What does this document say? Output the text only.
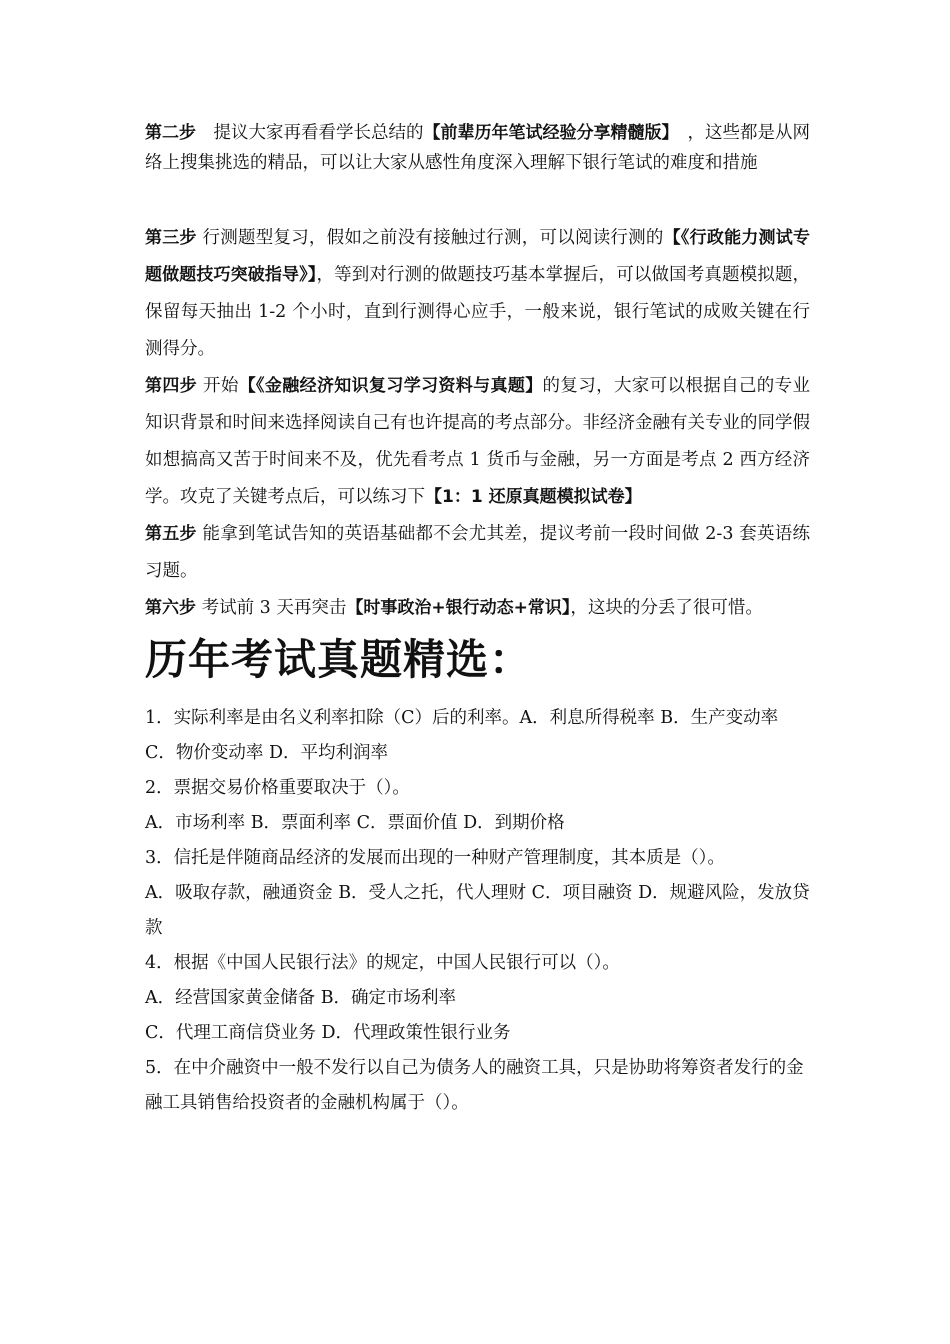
第二步　提议大家再看看学长总结的【前辈历年笔试经验分享精髓版】　，这些都是从网络上搜集挑选的精品，可以让大家从感性角度深入理解下银行笔试的难度和措施

第三步 行测题型复习，假如之前没有接触过行测，可以阅读行测的【《行政能力测试专题做题技巧突破指导》】，等到对行测的做题技巧基本掌握后，可以做国考真题模拟题，保留每天抽出 1-2 个小时，直到行测得心应手，一般来说，银行笔试的成败关键在行测得分。

第四步 开始【《金融经济知识复习学习资料与真题】的复习，大家可以根据自己的专业知识背景和时间来选择阅读自己有也许提高的考点部分。非经济金融有关专业的同学假如想搞高又苦于时间来不及，优先看考点 1 货币与金融，另一方面是考点 2 西方经济学。攻克了关键考点后，可以练习下【1：1 还原真题模拟试卷】

第五步 能拿到笔试告知的英语基础都不会尤其差，提议考前一段时间做 2-3 套英语练习题。

第六步 考试前 3 天再突击【时事政治+银行动态+常识】，这块的分丢了很可惜。

历年考试真题精选：

1．实际利率是由名义利率扣除（C）后的利率。A．利息所得税率 B．生产变动率 C．物价变动率 D．平均利润率

2．票据交易价格重要取决于（）。

A．市场利率 B．票面利率 C．票面价值 D．到期价格

3．信托是伴随商品经济的发展而出现的一种财产管理制度，其本质是（）。

A．吸取存款，融通资金 B．受人之托，代人理财 C．项目融资 D．规避风险，发放贷款

4．根据《中国人民银行法》的规定，中国人民银行可以（）。

A．经营国家黄金储备 B．确定市场利率

C．代理工商信贷业务 D．代理政策性银行业务

5．在中介融资中一般不发行以自己为债务人的融资工具，只是协助将筹资者发行的金融工具销售给投资者的金融机构属于（）。
